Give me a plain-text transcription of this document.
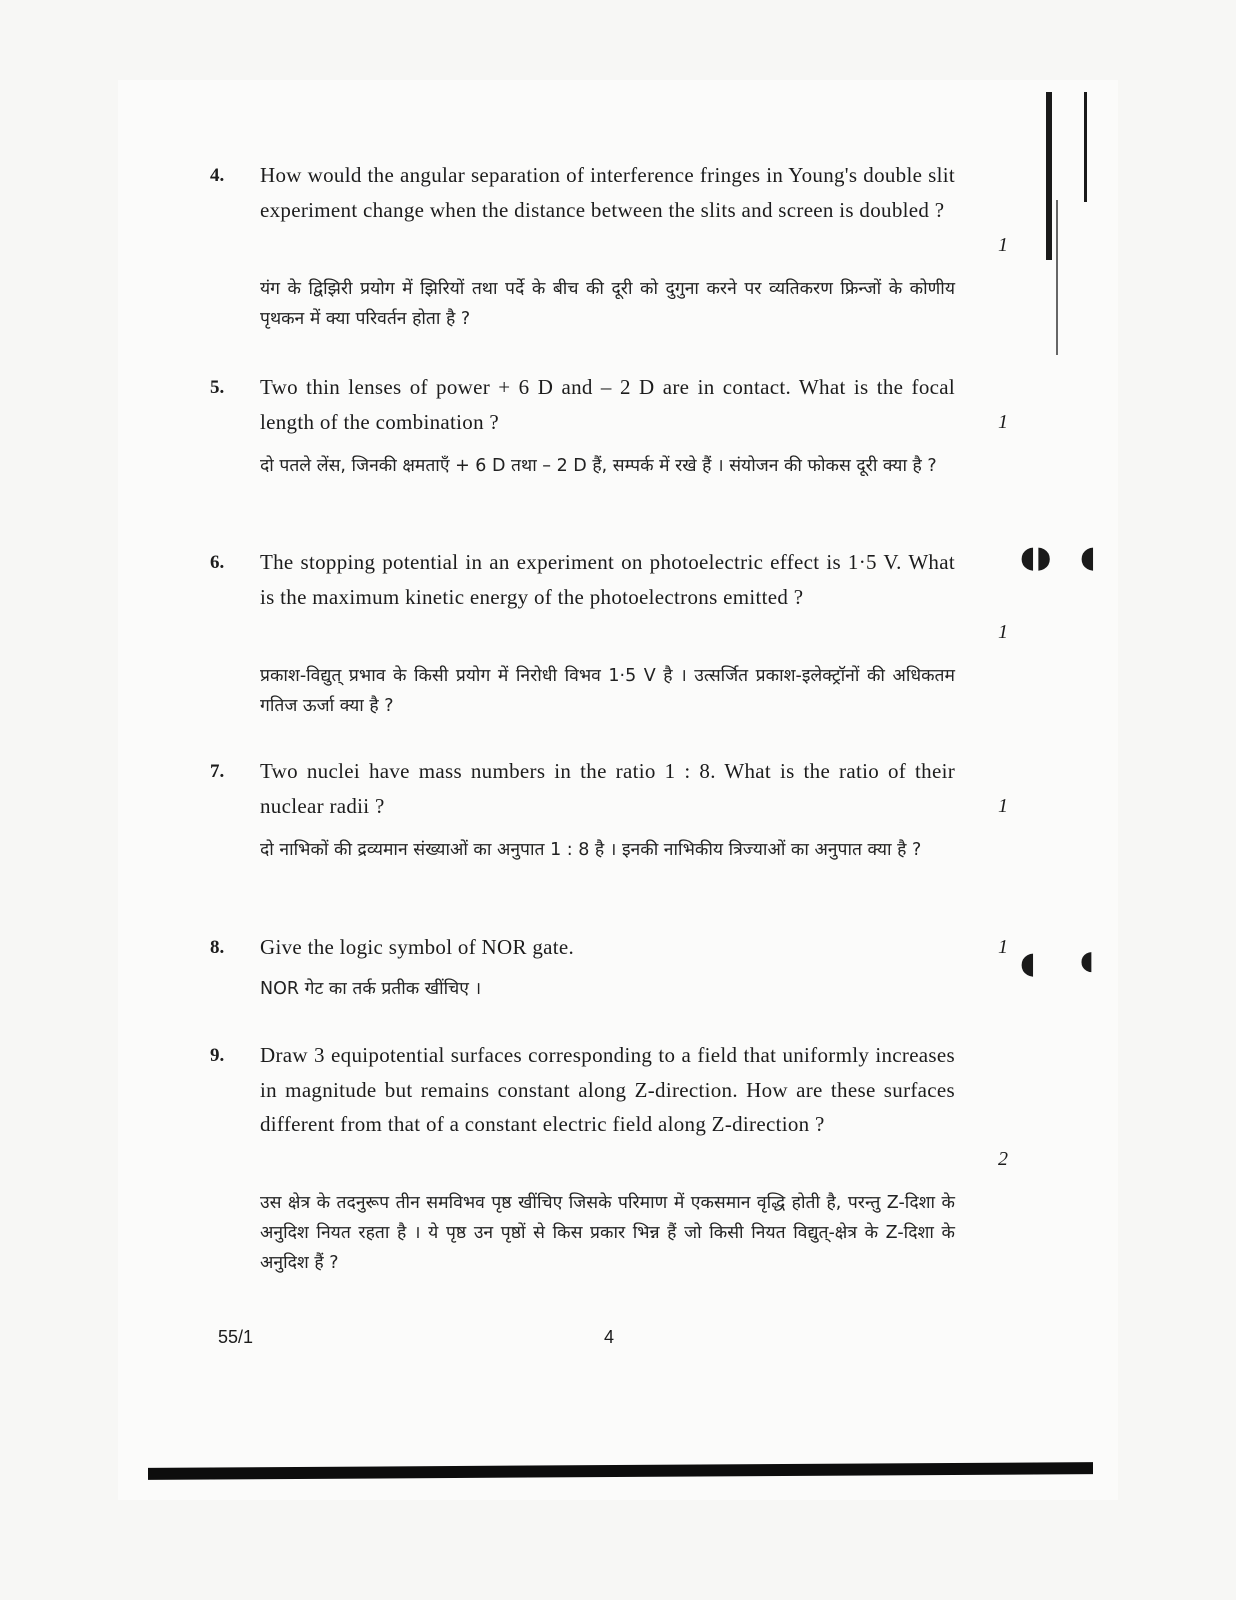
4. How would the angular separation of interference fringes in Young's double slit experiment change when the distance between the slits and screen is doubled ?
1
यंग के द्विझिरी प्रयोग में झिरियों तथा पर्दे के बीच की दूरी को दुगुना करने पर व्यतिकरण फ्रिन्जों के कोणीय पृथकन में क्या परिवर्तन होता है ?
5. Two thin lenses of power + 6 D and – 2 D are in contact. What is the focal length of the combination ?	1
दो पतले लेंस, जिनकी क्षमताएँ + 6 D तथा – 2 D हैं, सम्पर्क में रखे हैं । संयोजन की फोकस दूरी क्या है ?
6. The stopping potential in an experiment on photoelectric effect is 1·5 V. What is the maximum kinetic energy of the photoelectrons emitted ?
1
प्रकाश-विद्युत् प्रभाव के किसी प्रयोग में निरोधी विभव 1·5 V है । उत्सर्जित प्रकाश-इलेक्ट्रॉनों की अधिकतम गतिज ऊर्जा क्या है ?
7. Two nuclei have mass numbers in the ratio 1 : 8. What is the ratio of their nuclear radii ?	1
दो नाभिकों की द्रव्यमान संख्याओं का अनुपात 1 : 8 है । इनकी नाभिकीय त्रिज्याओं का अनुपात क्या है ?
8. Give the logic symbol of NOR gate.	1
NOR गेट का तर्क प्रतीक खींचिए ।
9. Draw 3 equipotential surfaces corresponding to a field that uniformly increases in magnitude but remains constant along Z-direction. How are these surfaces different from that of a constant electric field along Z-direction ?
2
उस क्षेत्र के तदनुरूप तीन समविभव पृष्ठ खींचिए जिसके परिमाण में एकसमान वृद्धि होती है, परन्तु Z-दिशा के अनुदिश नियत रहता है । ये पृष्ठ उन पृष्ठों से किस प्रकार भिन्न हैं जो किसी नियत विद्युत्-क्षेत्र के Z-दिशा के अनुदिश हैं ?
55/1	4
◖◗ ◖
◖ ◖
